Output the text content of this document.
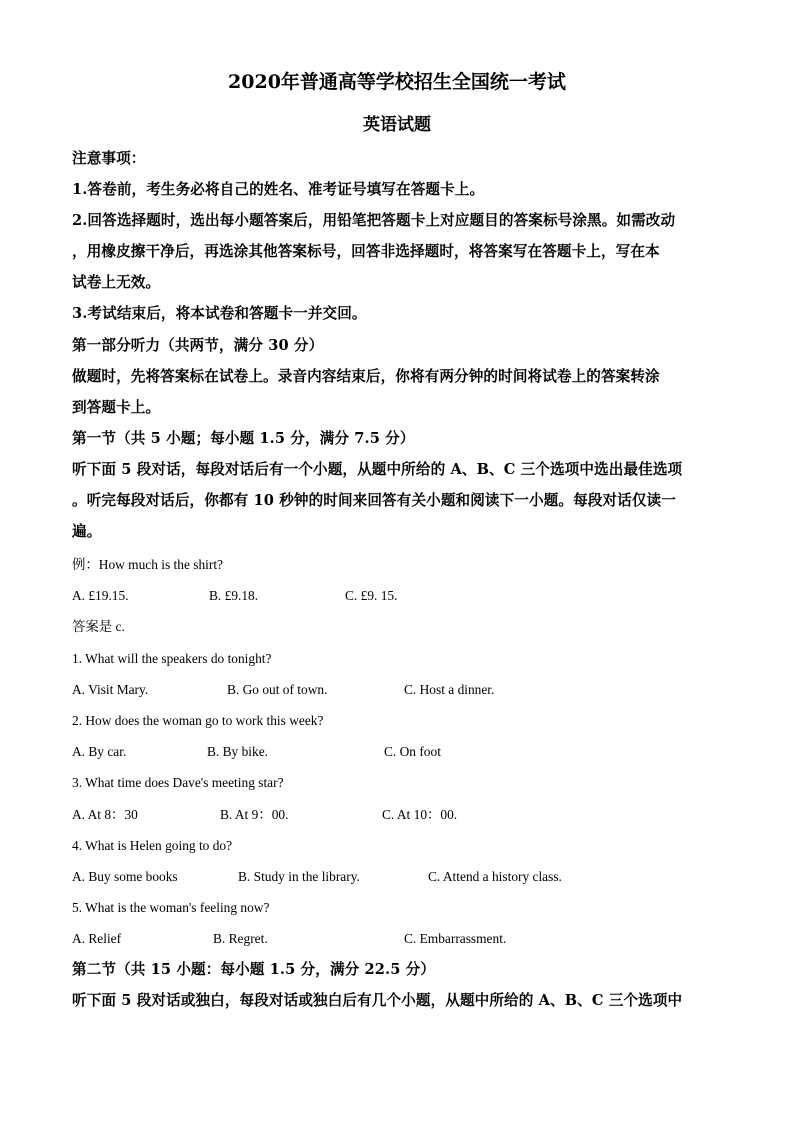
2020年普通高等学校招生全国统一考试
英语试题
注意事项：
1.答卷前，考生务必将自己的姓名、准考证号填写在答题卡上。
2.回答选择题时，选出每小题答案后，用铅笔把答题卡上对应题目的答案标号涂黑。如需改动
，用橡皮擦干净后，再选涂其他答案标号，回答非选择题时，将答案写在答题卡上，写在本
试卷上无效。
3.考试结束后，将本试卷和答题卡一并交回。
第一部分听力（共两节，满分 30 分）
做题时，先将答案标在试卷上。录音内容结束后，你将有两分钟的时间将试卷上的答案转涂
到答题卡上。
第一节（共 5 小题；每小题 1.5 分，满分 7.5 分）
听下面 5 段对话，每段对话后有一个小题，从题中所给的 A、B、C 三个选项中选出最佳选项
。听完每段对话后，你都有 10 秒钟的时间来回答有关小题和阅读下一小题。每段对话仅读一
遍。
例：How much is the shirt?
A. £19.15.	B. £9.18.	C. £9. 15.
答案是 c.
1. What will the speakers do tonight?
A. Visit Mary.	B. Go out of town.	C. Host a dinner.
2. How does the woman go to work this week?
A. By car.	B. By bike.	C. On foot
3. What time does Dave's meeting star?
A. At 8：30	B. At 9：00.	C. At 10：00.
4. What is Helen going to do?
A. Buy some books	B. Study in the library.	C. Attend a history class.
5. What is the woman's feeling now?
A. Relief	B. Regret.	C. Embarrassment.
第二节（共 15 小题：每小题 1.5 分，满分 22.5 分）
听下面 5 段对话或独白，每段对话或独白后有几个小题，从题中所给的 A、B、C 三个选项中
